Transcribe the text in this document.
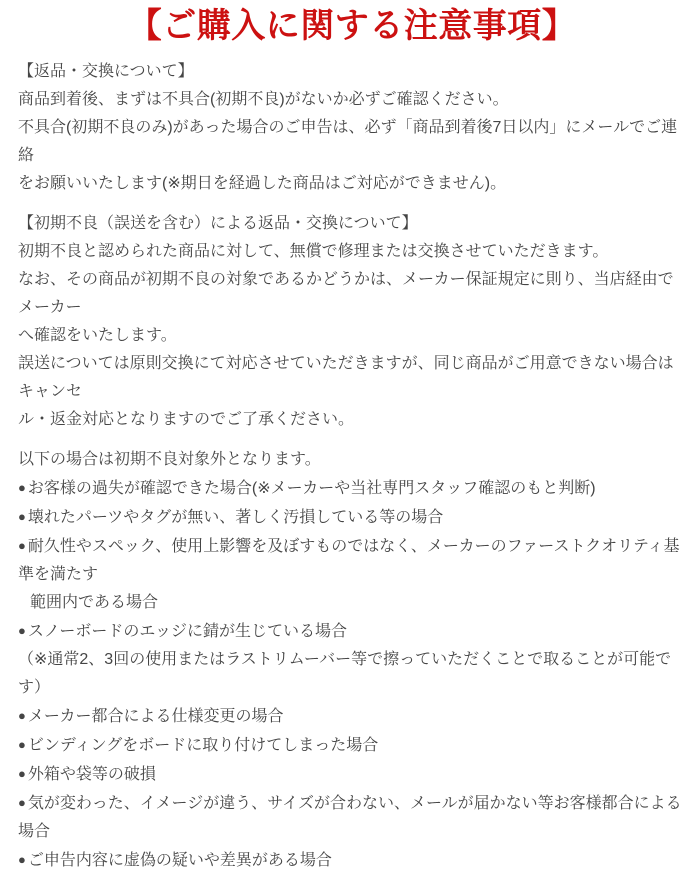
【ご購入に関する注意事項】
【返品・交換について】
商品到着後、まずは不具合(初期不良)がないか必ずご確認ください。
不具合(初期不良のみ)があった場合のご申告は、必ず「商品到着後7日以内」にメールでご連絡
をお願いいたします(※期日を経過した商品はご対応ができません)。
【初期不良（誤送を含む）による返品・交換について】
初期不良と認められた商品に対して、無償で修理または交換させていただきます。
なお、その商品が初期不良の対象であるかどうかは、メーカー保証規定に則り、当店経由でメーカー
へ確認をいたします。
誤送については原則交換にて対応させていただきますが、同じ商品がご用意できない場合はキャンセ
ル・返金対応となりますのでご了承ください。
以下の場合は初期不良対象外となります。
● お客様の過失が確認できた場合(※メーカーや当社専門スタッフ確認のもと判断)
● 壊れたパーツやタグが無い、著しく汚損している等の場合
● 耐久性やスペック、使用上影響を及ぼすものではなく、メーカーのファーストクオリティ基準を満たす
範囲内である場合
● スノーボードのエッジに錆が生じている場合
（※通常2、3回の使用またはラストリムーバー等で擦っていただくことで取ることが可能です）
● メーカー都合による仕様変更の場合
● ビンディングをボードに取り付けてしまった場合
● 外箱や袋等の破損
● 気が変わった、イメージが違う、サイズが合わない、メールが届かない等お客様都合による場合
● ご申告内容に虚偽の疑いや差異がある場合
